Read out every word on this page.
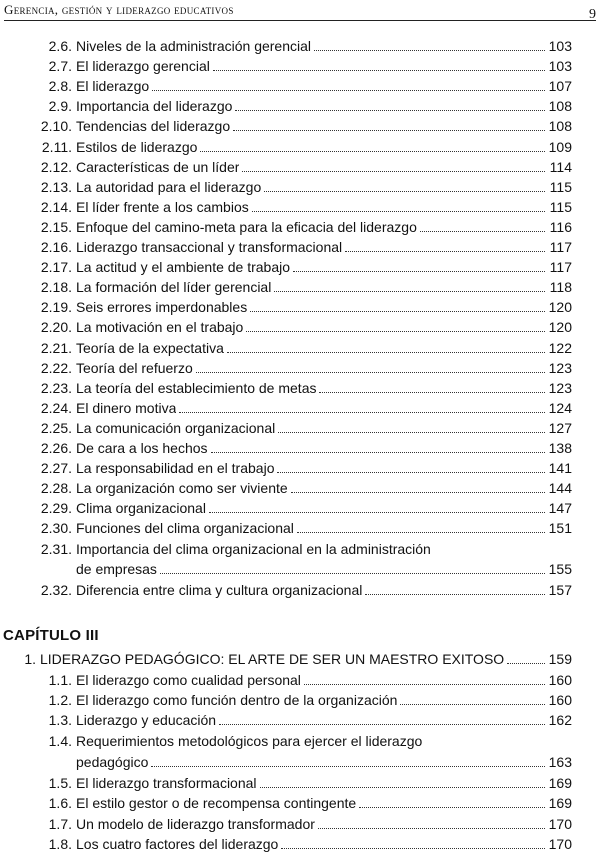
Gerencia, gestión y liderazgo educativos	9
2.6. Niveles de la administración gerencial	103
2.7. El liderazgo gerencial	103
2.8. El liderazgo	107
2.9. Importancia del liderazgo	108
2.10. Tendencias del liderazgo	108
2.11. Estilos de liderazgo	109
2.12. Características de un líder	114
2.13. La autoridad para el liderazgo	115
2.14. El líder frente a los cambios	115
2.15. Enfoque del camino-meta para la eficacia del liderazgo	116
2.16. Liderazgo transaccional y transformacional	117
2.17. La actitud y el ambiente de trabajo	117
2.18. La formación del líder gerencial	118
2.19. Seis errores imperdonables	120
2.20. La motivación en el trabajo	120
2.21. Teoría de la expectativa	122
2.22. Teoría del refuerzo	123
2.23. La teoría del establecimiento de metas	123
2.24. El dinero motiva	124
2.25. La comunicación organizacional	127
2.26. De cara a los hechos	138
2.27. La responsabilidad en el trabajo	141
2.28. La organización como ser viviente	144
2.29. Clima organizacional	147
2.30. Funciones del clima organizacional	151
2.31. Importancia del clima organizacional en la administración
de empresas	155
2.32. Diferencia entre clima y cultura organizacional	157
1. LIDERAZGO PEDAGÓGICO: EL ARTE DE SER UN MAESTRO EXITOSO	159
1.1. El liderazgo como cualidad personal	160
1.2. El liderazgo como función dentro de la organización	160
1.3. Liderazgo y educación	162
1.4. Requerimientos metodológicos para ejercer el liderazgo
pedagógico	163
1.5. El liderazgo transformacional	169
1.6. El estilo gestor o de recompensa contingente	169
1.7. Un modelo de liderazgo transformador	170
1.8. Los cuatro factores del liderazgo	170
CAPÍTULO III
